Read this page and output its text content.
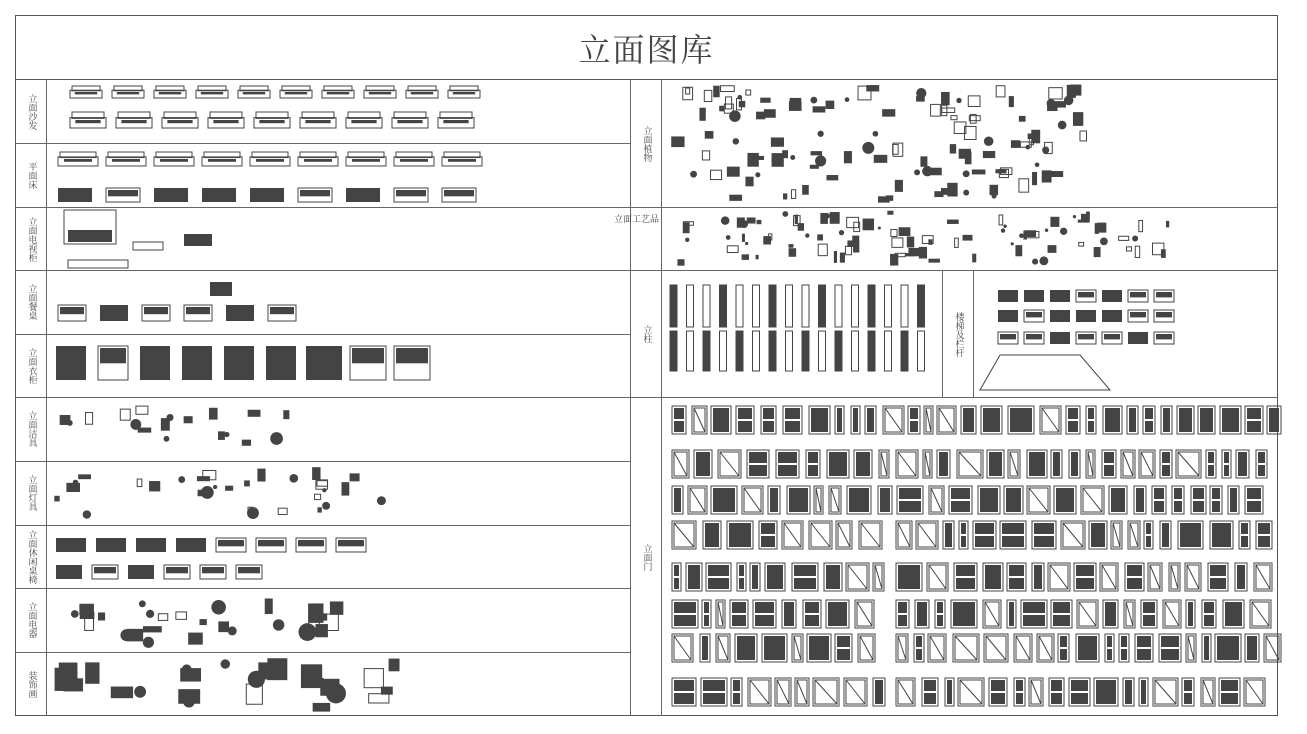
立面图库
立面沙发
平面床
立面电视柜
立面餐桌
立面衣柜
立面洁具
立面灯具
立面休闲桌椅
立面电器
装饰画
立面植物
立面工艺品
立柱	楼梯及栏杆
立面门
